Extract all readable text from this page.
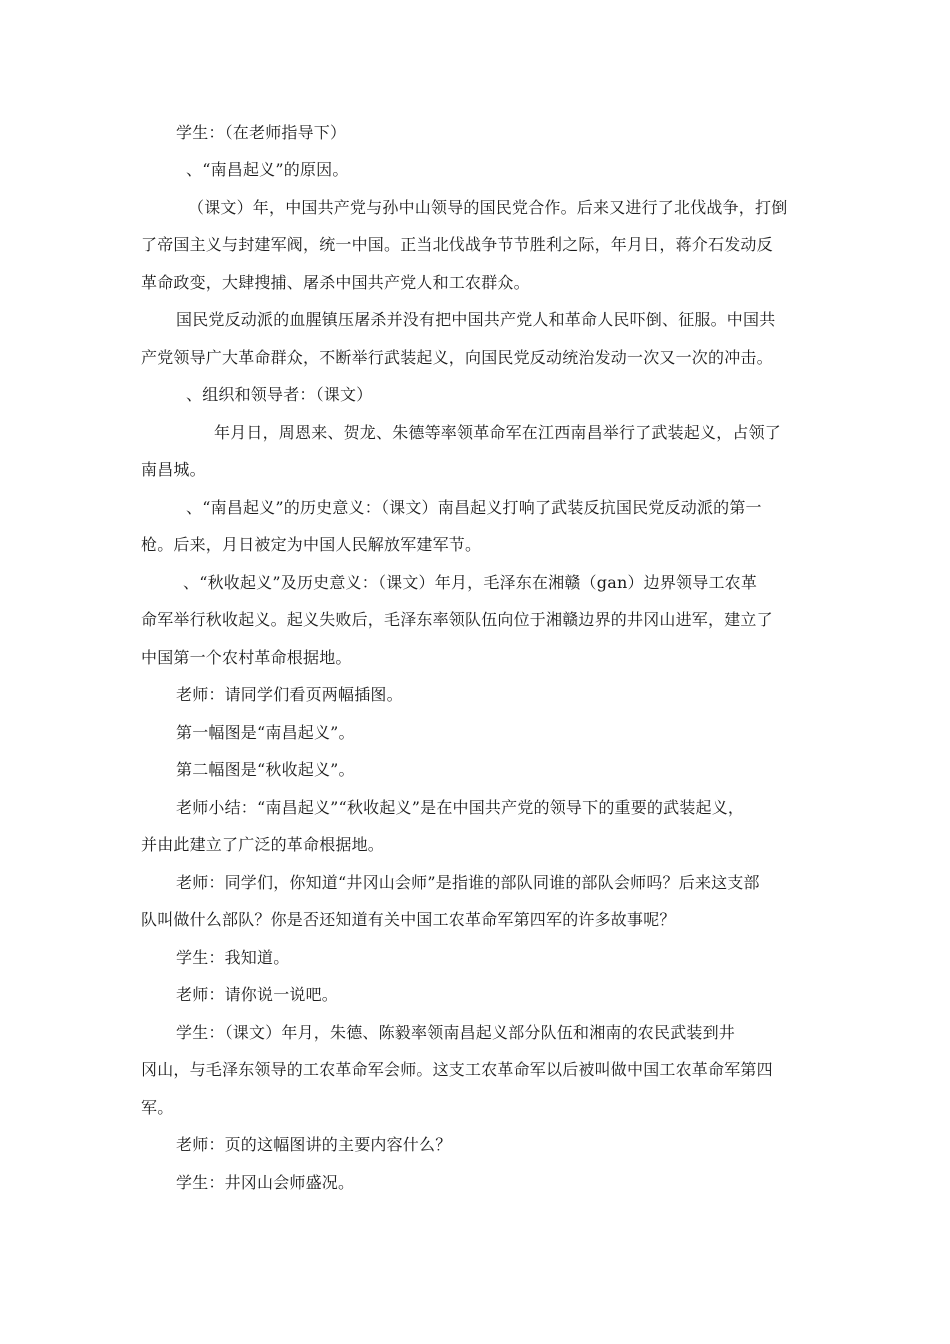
学生：（在老师指导下）

、“南昌起义”的原因。

（课文）年，中国共产党与孙中山领导的国民党合作。后来又进行了北伐战争，打倒

了帝国主义与封建军阀，统一中国。正当北伐战争节节胜利之际，年月日，蒋介石发动反

革命政变，大肆搜捕、屠杀中国共产党人和工农群众。

国民党反动派的血腥镇压屠杀并没有把中国共产党人和革命人民吓倒、征服。中国共

产党领导广大革命群众，不断举行武装起义，向国民党反动统治发动一次又一次的冲击。

、组织和领导者：（课文）

年月日，周恩来、贺龙、朱德等率领革命军在江西南昌举行了武装起义，占领了

南昌城。

、“南昌起义”的历史意义：（课文）南昌起义打响了武装反抗国民党反动派的第一

枪。后来，月日被定为中国人民解放军建军节。

、“秋收起义”及历史意义：（课文）年月，毛泽东在湘赣（gan）边界领导工农革

命军举行秋收起义。起义失败后，毛泽东率领队伍向位于湘赣边界的井冈山进军，建立了

中国第一个农村革命根据地。

老师：请同学们看页两幅插图。

第一幅图是“南昌起义”。

第二幅图是“秋收起义”。

老师小结：“南昌起义”“秋收起义”是在中国共产党的领导下的重要的武装起义，

并由此建立了广泛的革命根据地。

老师：同学们，你知道“井冈山会师”是指谁的部队同谁的部队会师吗？后来这支部

队叫做什么部队？你是否还知道有关中国工农革命军第四军的许多故事呢？

学生：我知道。

老师：请你说一说吧。

学生：（课文）年月，朱德、陈毅率领南昌起义部分队伍和湘南的农民武装到井

冈山，与毛泽东领导的工农革命军会师。这支工农革命军以后被叫做中国工农革命军第四

军。

老师：页的这幅图讲的主要内容什么？

学生：井冈山会师盛况。
